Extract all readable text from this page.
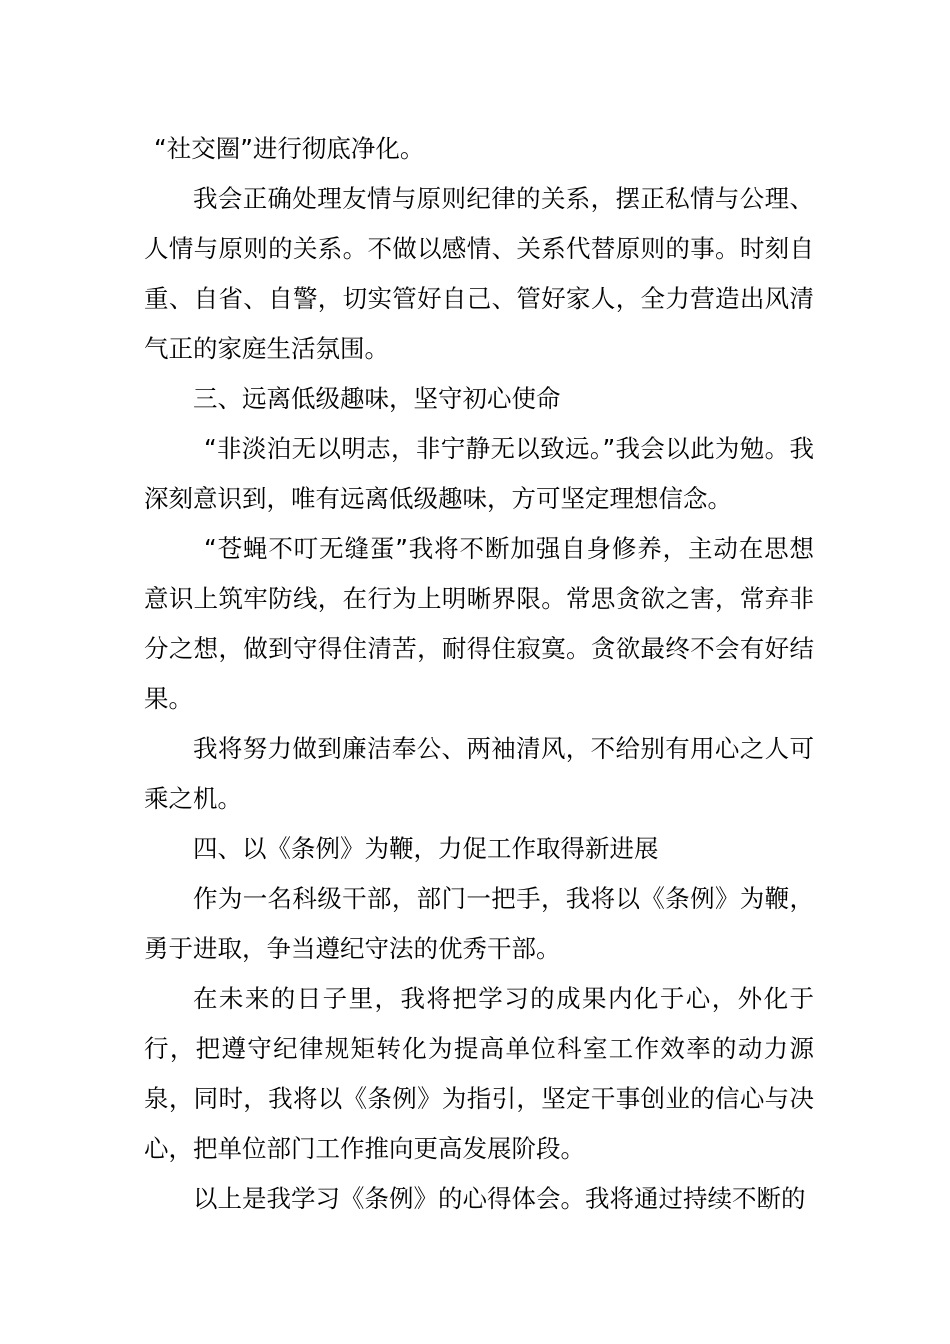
“社交圈”进行彻底净化。

我会正确处理友情与原则纪律的关系，摆正私情与公理、人情与原则的关系。不做以感情、关系代替原则的事。时刻自重、自省、自警，切实管好自己、管好家人，全力营造出风清气正的家庭生活氛围。

三、远离低级趣味，坚守初心使命

“非淡泊无以明志，非宁静无以致远。”我会以此为勉。我深刻意识到，唯有远离低级趣味，方可坚定理想信念。

“苍蝇不叮无缝蛋”我将不断加强自身修养，主动在思想意识上筑牢防线，在行为上明晰界限。常思贪欲之害，常弃非分之想，做到守得住清苦，耐得住寂寞。贪欲最终不会有好结果。

我将努力做到廉洁奉公、两袖清风，不给别有用心之人可乘之机。

四、以《条例》为鞭，力促工作取得新进展

作为一名科级干部，部门一把手，我将以《条例》为鞭，勇于进取，争当遵纪守法的优秀干部。

在未来的日子里，我将把学习的成果内化于心，外化于行，把遵守纪律规矩转化为提高单位科室工作效率的动力源泉，同时，我将以《条例》为指引，坚定干事创业的信心与决心，把单位部门工作推向更高发展阶段。

以上是我学习《条例》的心得体会。我将通过持续不断的
